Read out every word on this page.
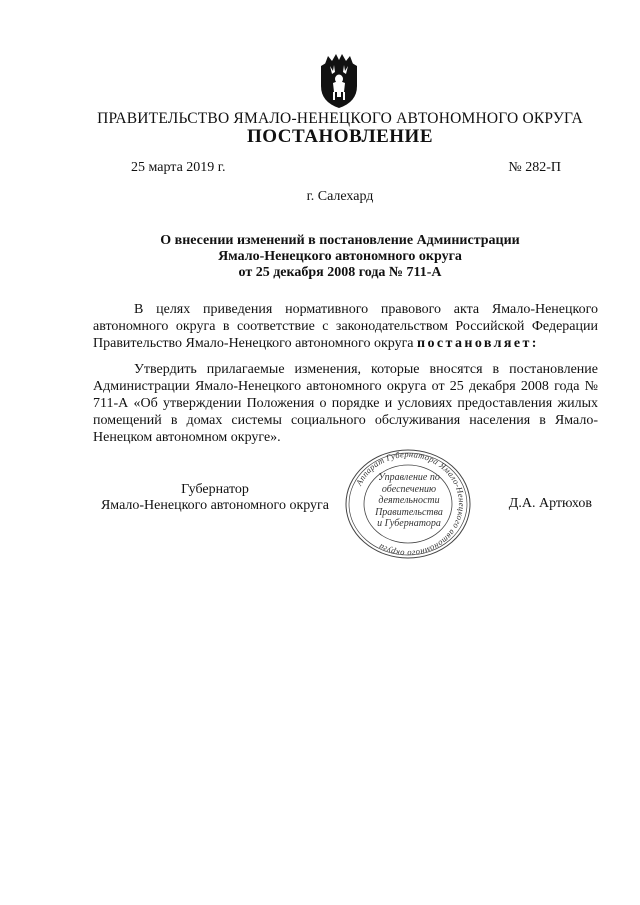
ПРАВИТЕЛЬСТВО ЯМАЛО-НЕНЕЦКОГО АВТОНОМНОГО ОКРУГА
ПОСТАНОВЛЕНИЕ
25 марта 2019 г.	№ 282-П
г. Салехард
О внесении изменений в постановление Администрации
Ямало-Ненецкого автономного округа
от 25 декабря 2008 года № 711-А
В целях приведения нормативного правового акта Ямало-Ненецкого автономного округа в соответствие с законодательством Российской Федерации Правительство Ямало-Ненецкого автономного округа постановляет:
Утвердить прилагаемые изменения, которые вносятся в постановление Администрации Ямало-Ненецкого автономного округа от 25 декабря 2008 года № 711-А «Об утверждении Положения о порядке и условиях предоставления жилых помещений в домах системы социального обслуживания населения в Ямало-Ненецком автономном округе».
Губернатор
Ямало-Ненецкого автономного округа
Аппарат Губернатора Ямало-Ненецкого автономного округа
Управление по
обеспечению
деятельности
Правительства
и Губернатора
Д.А. Артюхов
